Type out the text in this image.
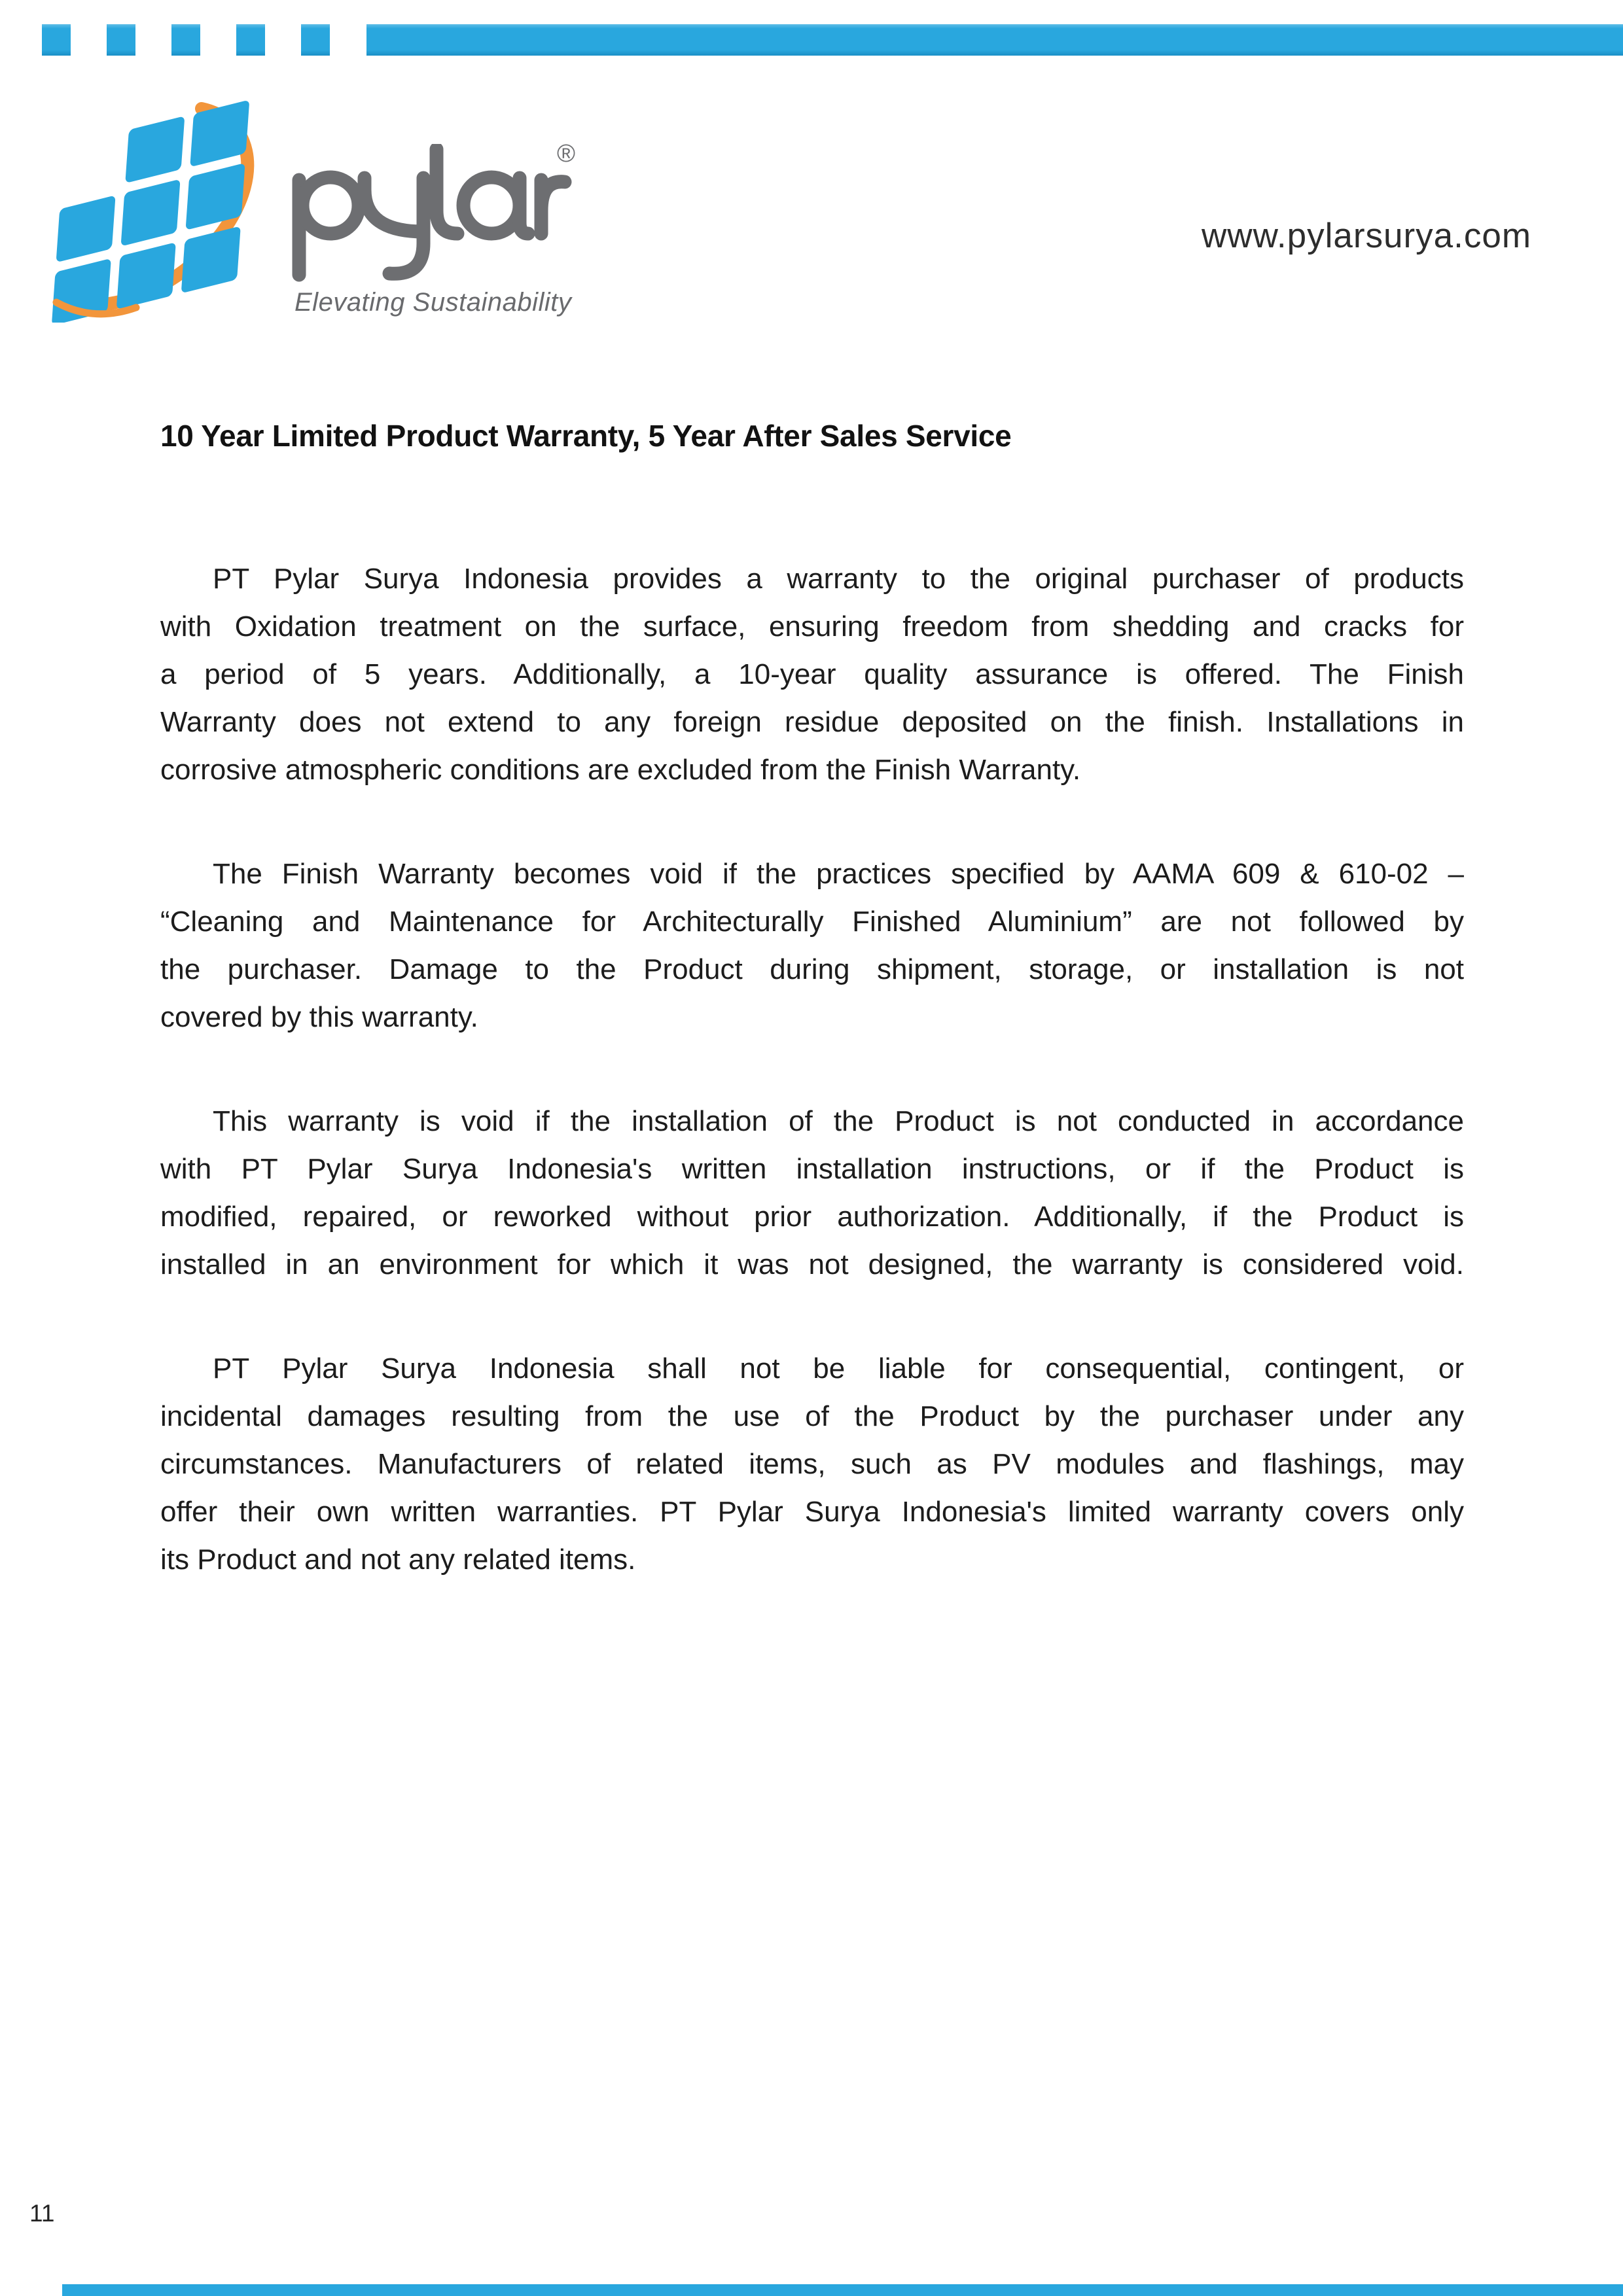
®
Elevating Sustainability
www.pylarsurya.com
10 Year Limited Product Warranty, 5 Year After Sales Service
PT Pylar Surya Indonesia provides a warranty to the original purchaser of products
with Oxidation treatment on the surface, ensuring freedom from shedding and cracks for
a period of 5 years. Additionally, a 10-year quality assurance is offered. The Finish
Warranty does not extend to any foreign residue deposited on the finish. Installations in
corrosive atmospheric conditions are excluded from the Finish Warranty.
The Finish Warranty becomes void if the practices specified by AAMA 609 & 610-02 –
“Cleaning and Maintenance for Architecturally Finished Aluminium” are not followed by
the purchaser. Damage to the Product during shipment, storage, or installation is not
covered by this warranty.
This warranty is void if the installation of the Product is not conducted in accordance
with PT Pylar Surya Indonesia's written installation instructions, or if the Product is
modified, repaired, or reworked without prior authorization. Additionally, if the Product is
installed in an environment for which it was not designed, the warranty is considered void.
PT Pylar Surya Indonesia shall not be liable for consequential, contingent, or
incidental damages resulting from the use of the Product by the purchaser under any
circumstances. Manufacturers of related items, such as PV modules and flashings, may
offer their own written warranties. PT Pylar Surya Indonesia's limited warranty covers only
its Product and not any related items.
11
